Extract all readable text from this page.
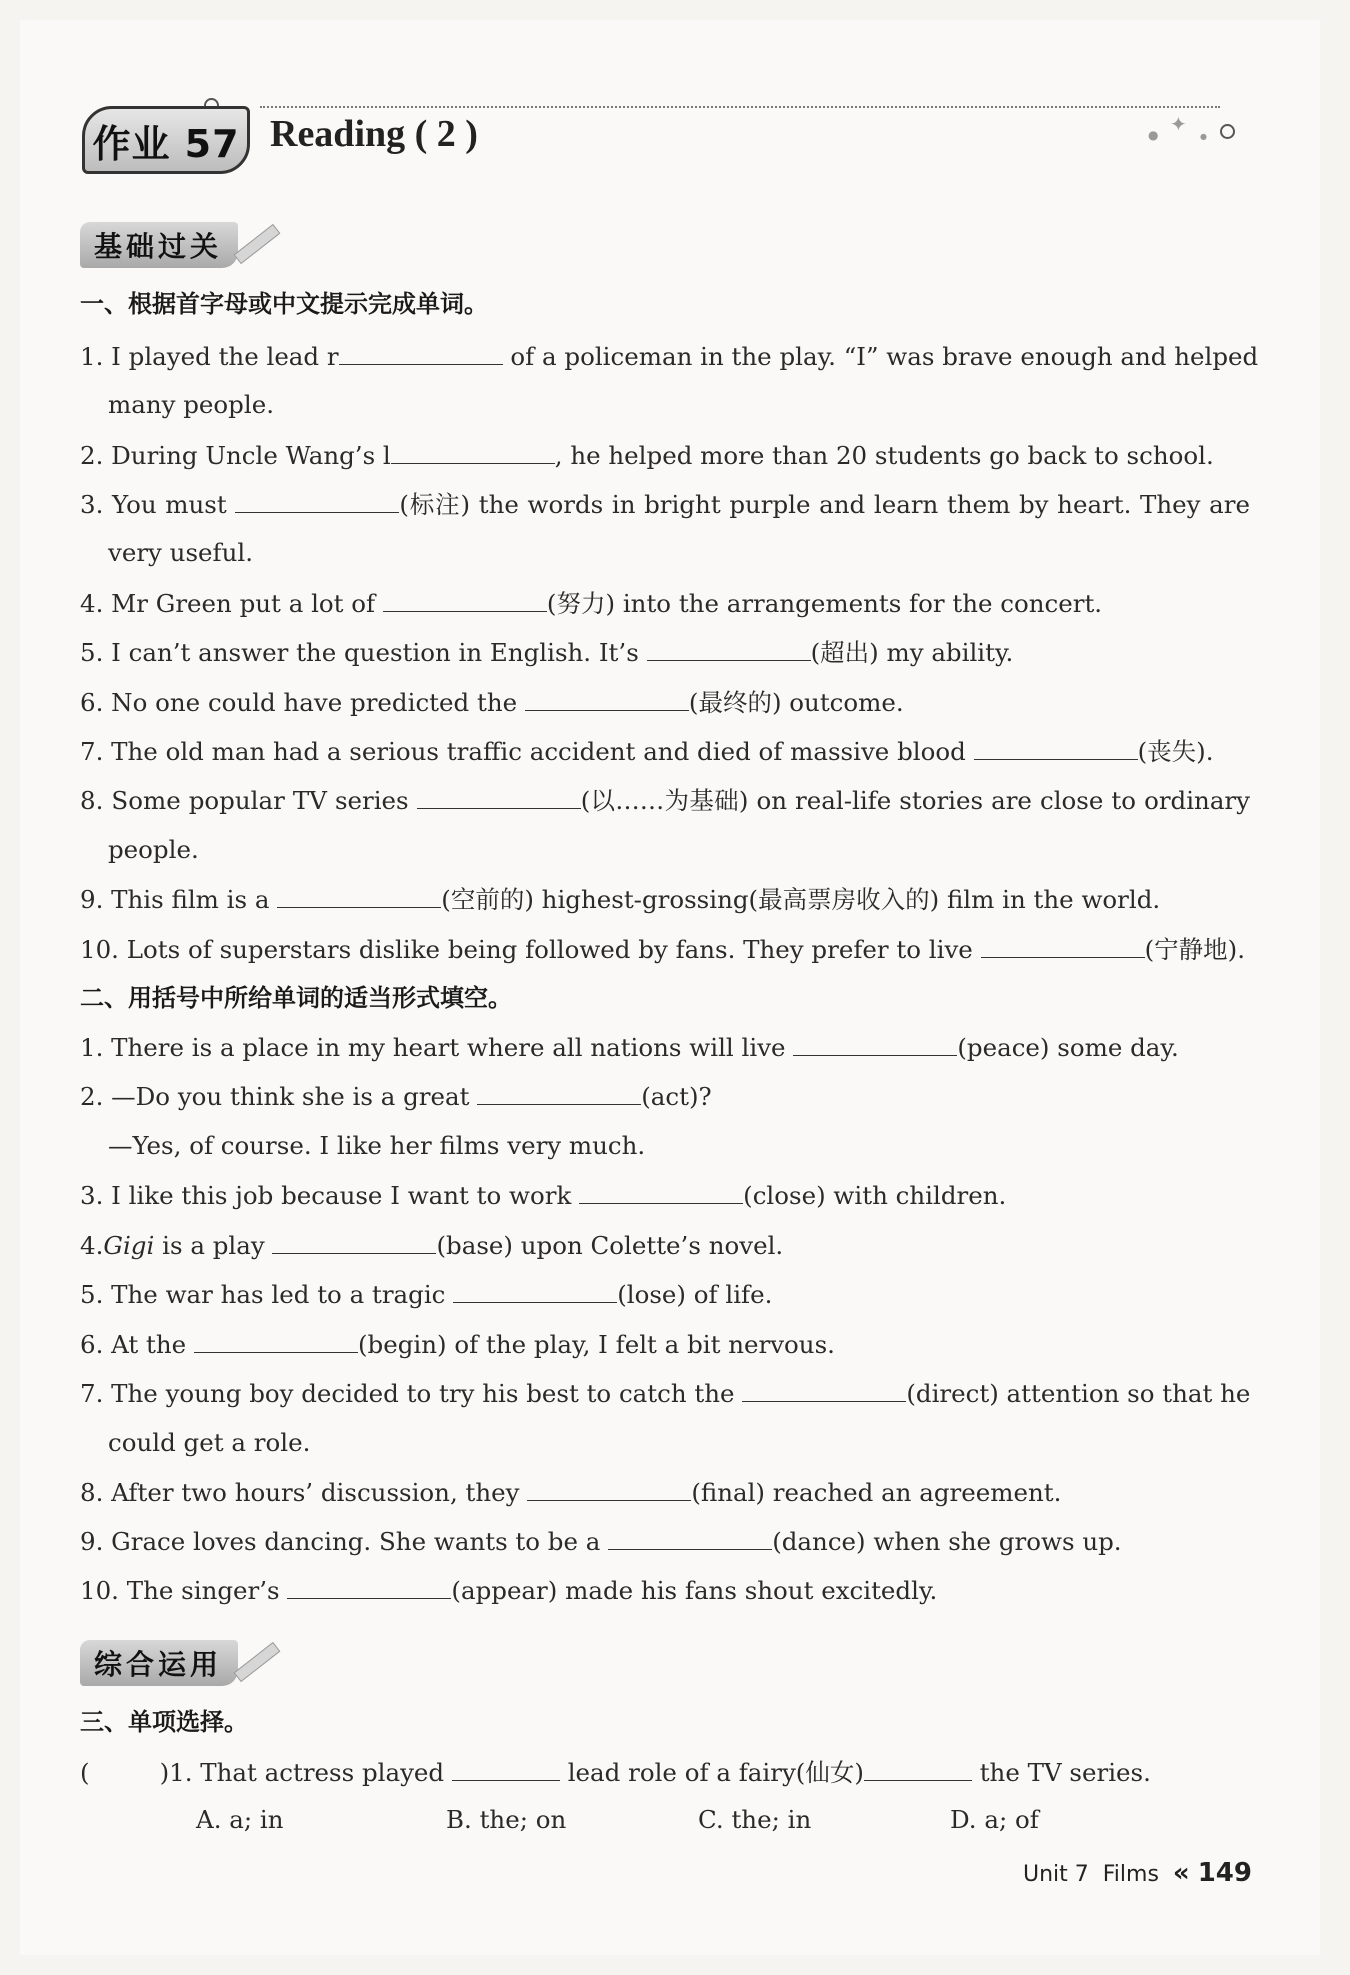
✦
●	●
作业 57 Reading ( 2 )
基础过关
一、根据首字母或中文提示完成单词。
1. I played the lead r	of a policeman in the play. “I” was brave enough and helped
many people.
2. During Uncle Wang’s l	, he helped more than 20 students go back to school.
3. You must	(标注) the words in bright purple and learn them by heart. They are
very useful.
4. Mr Green put a lot of	(努力) into the arrangements for the concert.
5. I can’t answer the question in English. It’s	(超出) my ability.
6. No one could have predicted the	(最终的) outcome.
7. The old man had a serious traffic accident and died of massive blood	(丧失).
8. Some popular TV series	(以……为基础) on real-life stories are close to ordinary
people.
9. This film is a	(空前的) highest-grossing(最高票房收入的) film in the world.
10. Lots of superstars dislike being followed by fans. They prefer to live	(宁静地).
二、用括号中所给单词的适当形式填空。
1. There is a place in my heart where all nations will live	(peace) some day.
2. —Do you think she is a great	(act)?
—Yes, of course. I like her films very much.
3. I like this job because I want to work	(close) with children.
4.Gigi is a play	(base) upon Colette’s novel.
5. The war has led to a tragic	(lose) of life.
6. At the	(begin) of the play, I felt a bit nervous.
7. The young boy decided to try his best to catch the	(direct) attention so that he
could get a role.
8. After two hours’ discussion, they	(final) reached an agreement.
9. Grace loves dancing. She wants to be a	(dance) when she grows up.
10. The singer’s	(appear) made his fans shout excitedly.
综合运用
三、单项选择。
(	)1. That actress played	lead role of a fairy(仙女)	the TV series.
A. a; in	B. the; on	C. the; in	D. a; of
Unit 7 Films « 149
